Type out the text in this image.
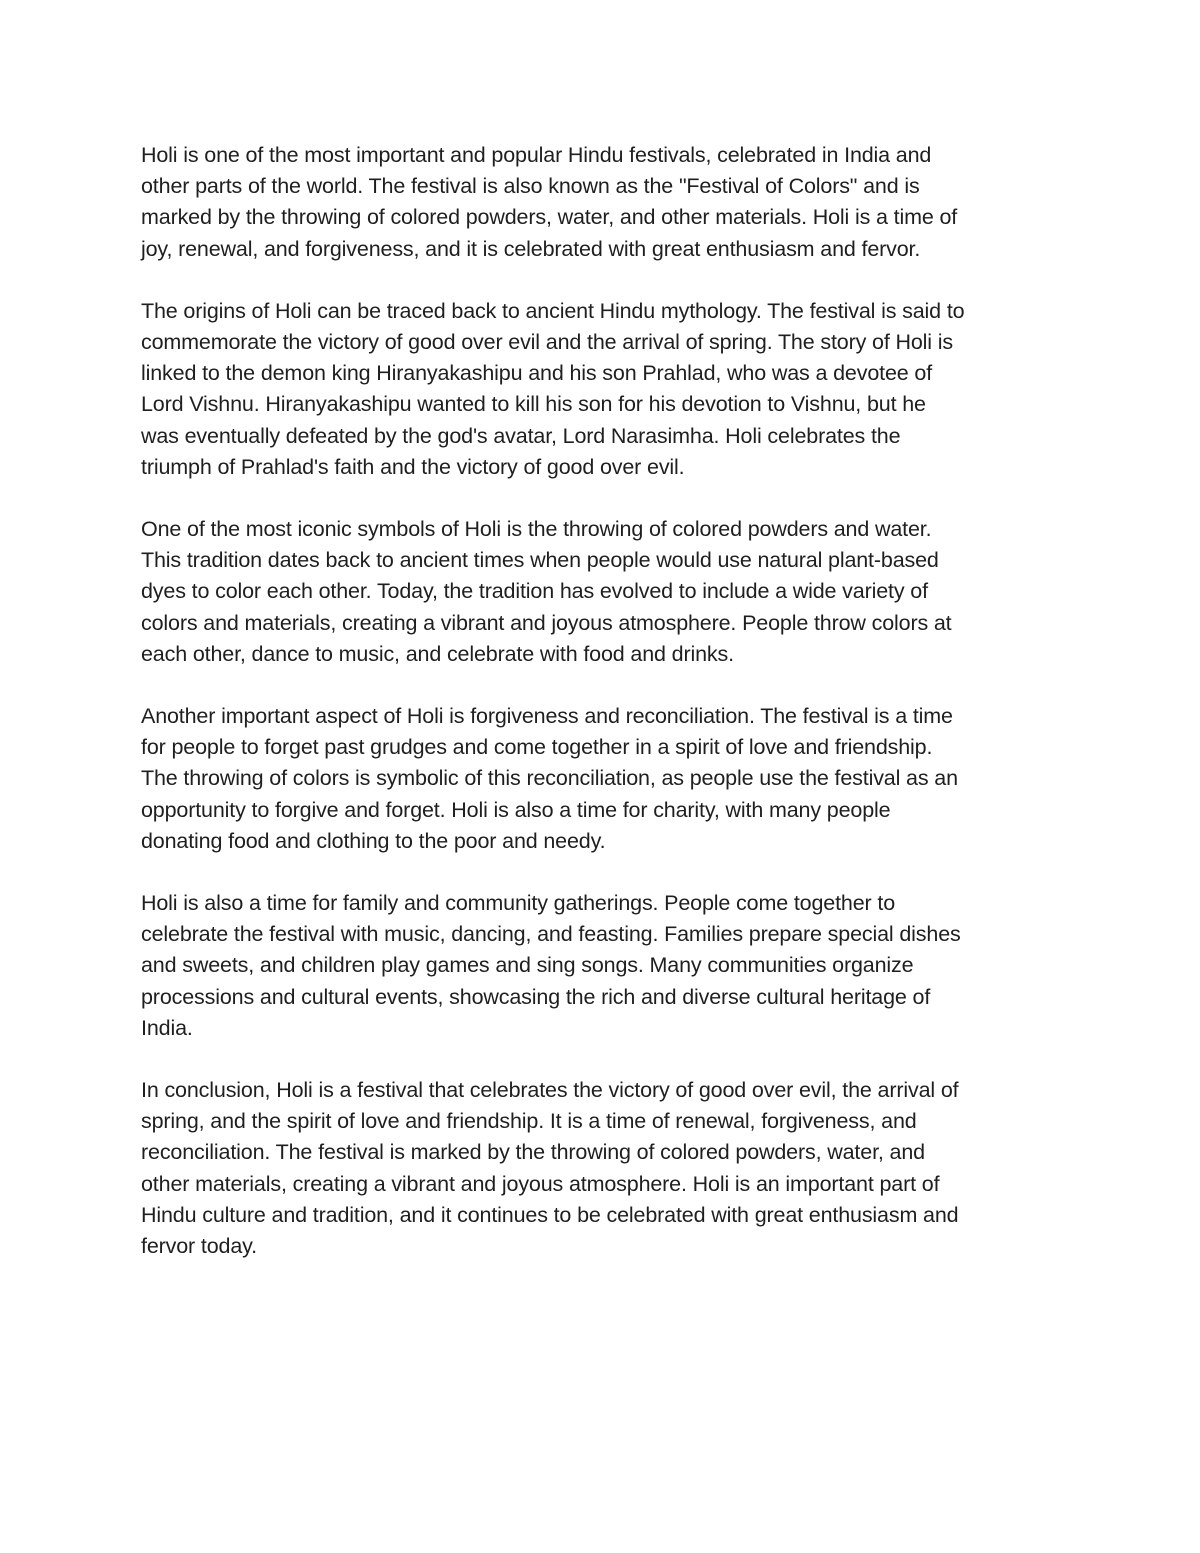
Holi is one of the most important and popular Hindu festivals, celebrated in India and
other parts of the world. The festival is also known as the "Festival of Colors" and is
marked by the throwing of colored powders, water, and other materials. Holi is a time of
joy, renewal, and forgiveness, and it is celebrated with great enthusiasm and fervor.

The origins of Holi can be traced back to ancient Hindu mythology. The festival is said to
commemorate the victory of good over evil and the arrival of spring. The story of Holi is
linked to the demon king Hiranyakashipu and his son Prahlad, who was a devotee of
Lord Vishnu. Hiranyakashipu wanted to kill his son for his devotion to Vishnu, but he
was eventually defeated by the god's avatar, Lord Narasimha. Holi celebrates the
triumph of Prahlad's faith and the victory of good over evil.

One of the most iconic symbols of Holi is the throwing of colored powders and water.
This tradition dates back to ancient times when people would use natural plant-based
dyes to color each other. Today, the tradition has evolved to include a wide variety of
colors and materials, creating a vibrant and joyous atmosphere. People throw colors at
each other, dance to music, and celebrate with food and drinks.

Another important aspect of Holi is forgiveness and reconciliation. The festival is a time
for people to forget past grudges and come together in a spirit of love and friendship.
The throwing of colors is symbolic of this reconciliation, as people use the festival as an
opportunity to forgive and forget. Holi is also a time for charity, with many people
donating food and clothing to the poor and needy.

Holi is also a time for family and community gatherings. People come together to
celebrate the festival with music, dancing, and feasting. Families prepare special dishes
and sweets, and children play games and sing songs. Many communities organize
processions and cultural events, showcasing the rich and diverse cultural heritage of
India.

In conclusion, Holi is a festival that celebrates the victory of good over evil, the arrival of
spring, and the spirit of love and friendship. It is a time of renewal, forgiveness, and
reconciliation. The festival is marked by the throwing of colored powders, water, and
other materials, creating a vibrant and joyous atmosphere. Holi is an important part of
Hindu culture and tradition, and it continues to be celebrated with great enthusiasm and
fervor today.
